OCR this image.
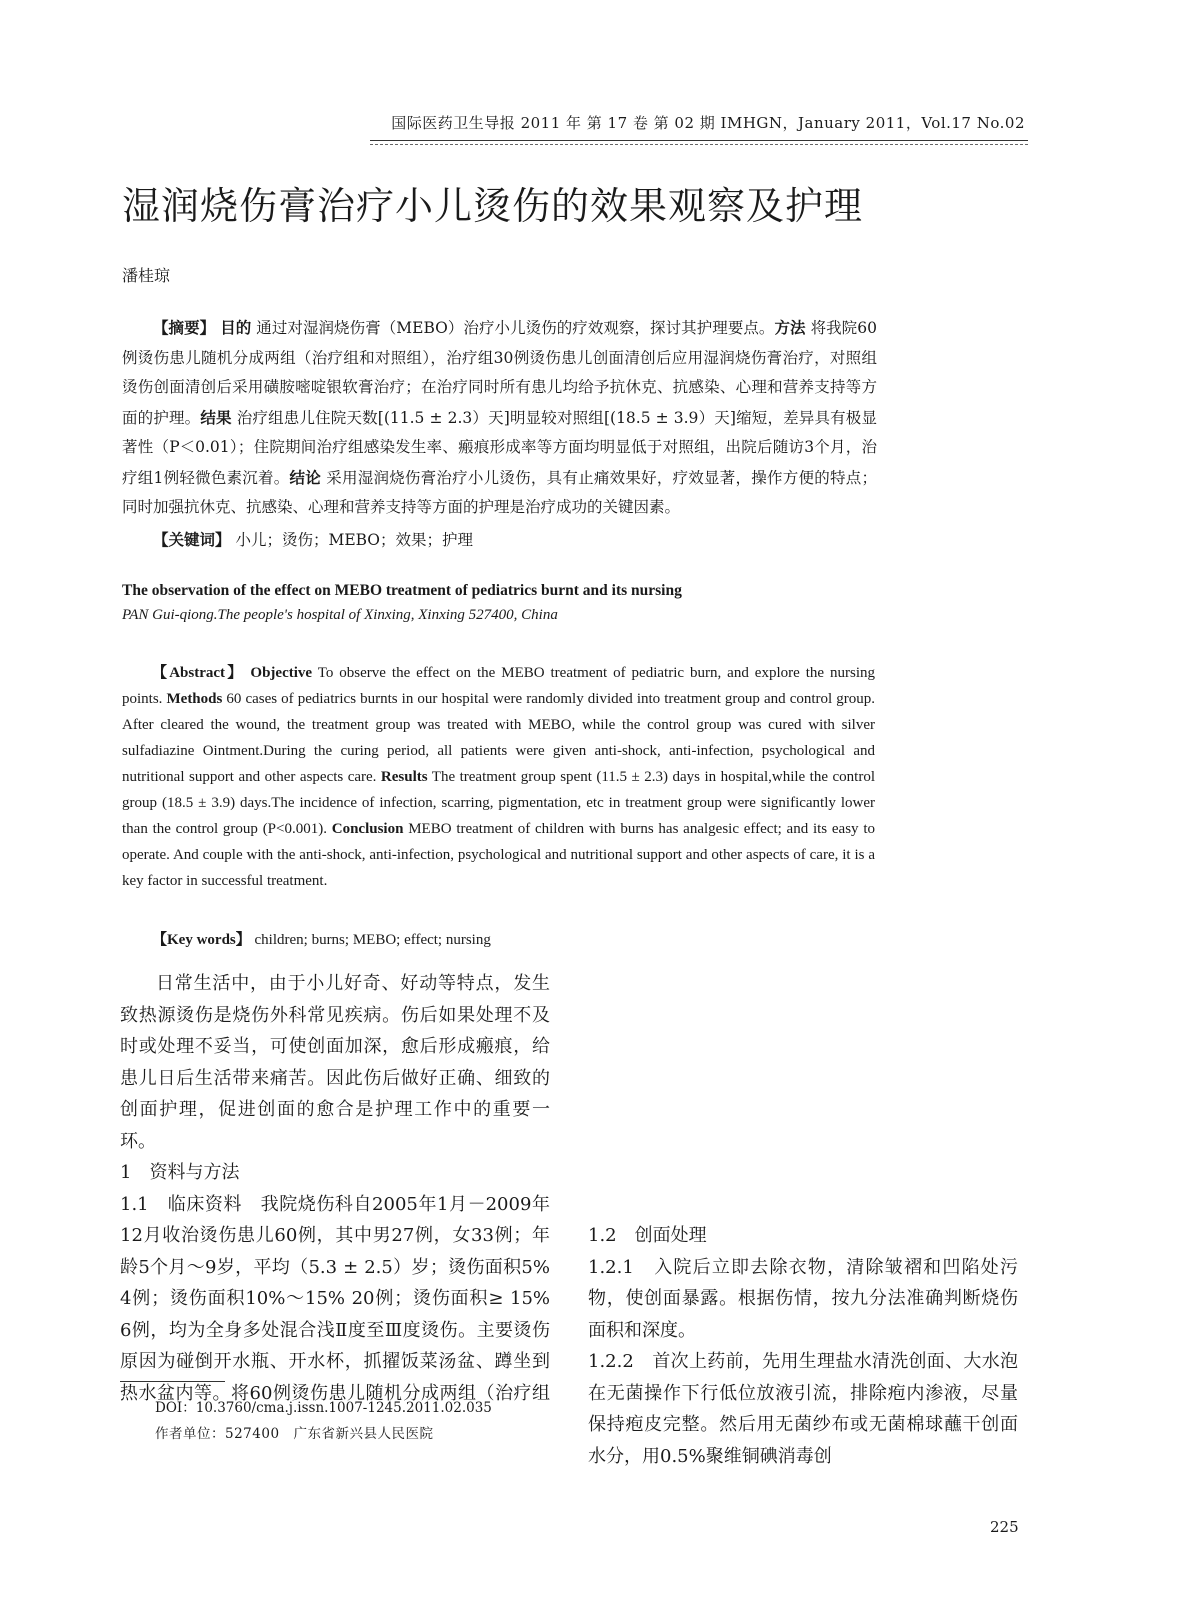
国际医药卫生导报 2011 年 第 17 卷 第 02 期 IMHGN，January 2011，Vol.17 No.02
湿润烧伤膏治疗小儿烫伤的效果观察及护理
潘桂琼
【摘要】 目的 通过对湿润烧伤膏（MEBO）治疗小儿烫伤的疗效观察，探讨其护理要点。方法 将我院60例烫伤患儿随机分成两组（治疗组和对照组），治疗组30例烫伤患儿创面清创后应用湿润烧伤膏治疗，对照组烫伤创面清创后采用磺胺嘧啶银软膏治疗；在治疗同时所有患儿均给予抗休克、抗感染、心理和营养支持等方面的护理。结果 治疗组患儿住院天数[(11.5 ± 2.3）天]明显较对照组[(18.5 ± 3.9）天]缩短，差异具有极显著性（P＜0.01）；住院期间治疗组感染发生率、瘢痕形成率等方面均明显低于对照组，出院后随访3个月，治疗组1例轻微色素沉着。结论 采用湿润烧伤膏治疗小儿烫伤，具有止痛效果好，疗效显著，操作方便的特点；同时加强抗休克、抗感染、心理和营养支持等方面的护理是治疗成功的关键因素。
【关键词】 小儿；烫伤；MEBO；效果；护理
The observation of the effect on MEBO treatment of pediatrics burnt and its nursing
PAN Gui-qiong.The people's hospital of Xinxing, Xinxing 527400, China
【Abstract】 Objective To observe the effect on the MEBO treatment of pediatric burn, and explore the nursing points. Methods 60 cases of pediatrics burnts in our hospital were randomly divided into treatment group and control group. After cleared the wound, the treatment group was treated with MEBO, while the control group was cured with silver sulfadiazine Ointment.During the curing period, all patients were given anti-shock, anti-infection, psychological and nutritional support and other aspects care. Results The treatment group spent (11.5 ± 2.3) days in hospital,while the control group (18.5 ± 3.9) days.The incidence of infection, scarring, pigmentation, etc in treatment group were significantly lower than the control group (P<0.001). Conclusion MEBO treatment of children with burns has analgesic effect; and its easy to operate. And couple with the anti-shock, anti-infection, psychological and nutritional support and other aspects of care, it is a key factor in successful treatment.
【Key words】 children; burns; MEBO; effect; nursing

日常生活中，由于小儿好奇、好动等特点，发生致热源烫伤是烧伤外科常见疾病。伤后如果处理不及时或处理不妥当，可使创面加深，愈后形成瘢痕，给患儿日后生活带来痛苦。因此伤后做好正确、细致的创面护理，促进创面的愈合是护理工作中的重要一环。

1　资料与方法

1.1　临床资料　我院烧伤科自2005年1月－2009年12月收治烫伤患儿60例，其中男27例，女33例；年龄5个月～9岁，平均（5.3 ± 2.5）岁；烫伤面积5% 4例；烫伤面积10%～15% 20例；烫伤面积≥ 15% 6例，均为全身多处混合浅Ⅱ度至Ⅲ度烫伤。主要烫伤原因为碰倒开水瓶、开水杯，抓擢饭菜汤盆、蹲坐到热水盆内等。将60例烫伤患儿随机分成两组（治疗组

1.2　创面处理

1.2.1　入院后立即去除衣物，清除皱褶和凹陷处污物，使创面暴露。根据伤情，按九分法准确判断烧伤面积和深度。

1.2.2　首次上药前，先用生理盐水清洗创面、大水泡在无菌操作下行低位放液引流，排除疱内渗液，尽量保持疱皮完整。然后用无菌纱布或无菌棉球蘸干创面水分，用0.5%聚维铜碘消毒创

DOI：10.3760/cma.j.issn.1007-1245.2011.02.035
作者单位：527400　广东省新兴县人民医院
225
